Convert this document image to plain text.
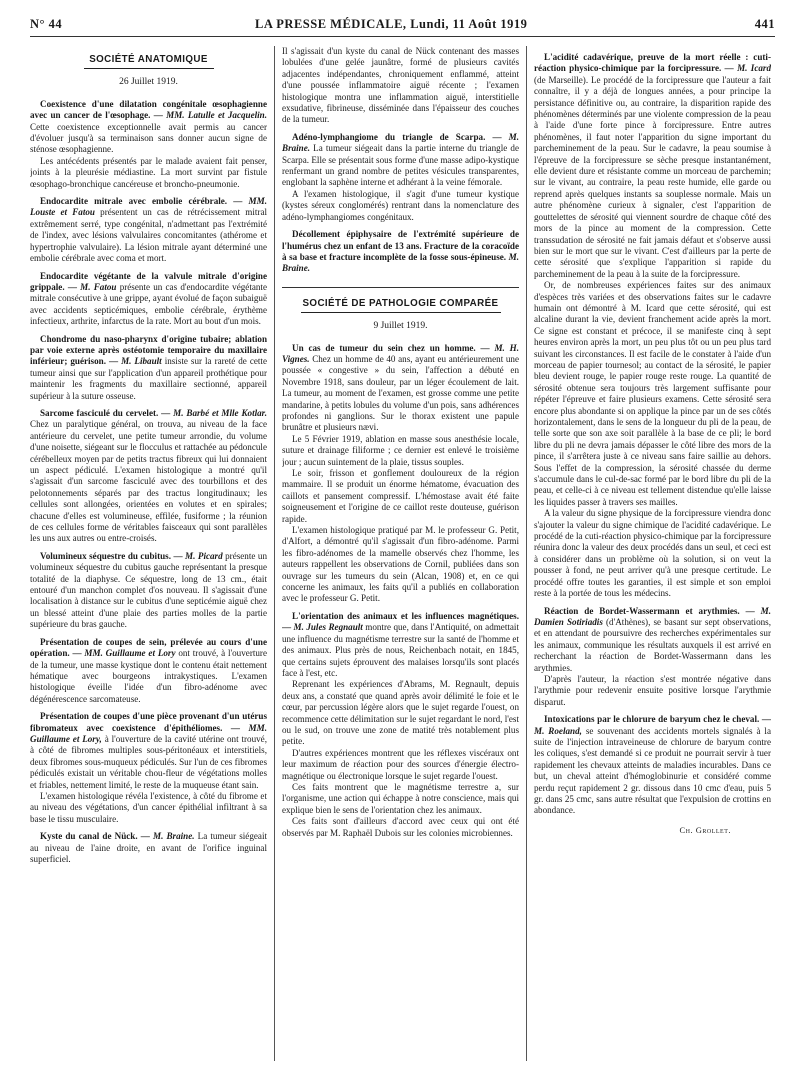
N° 44	LA PRESSE MÉDICALE, Lundi, 11 Août 1919	441
SOCIÉTÉ ANATOMIQUE
26 Juillet 1919.

Coexistence d'une dilatation congénitale œsophagienne avec un cancer de l'œsophage. — MM. Latulle et Jacquelin. Cette coexistence exceptionnelle avait permis au cancer d'évoluer jusqu'à sa terminaison sans donner aucun signe de sténose œsophagienne.

Les antécédents présentés par le malade avaient fait penser, joints à la pleurésie médiastine. La mort survint par fistule œsophago-bronchique cancéreuse et broncho-pneumonie.

Endocardite mitrale avec embolie cérébrale. — MM. Louste et Fatou présentent un cas de rétrécissement mitral extrêmement serré, type congénital, n'admettant pas l'extrémité de l'index, avec lésions valvulaires concomitantes (athérome et hypertrophie valvulaire). La lésion mitrale ayant déterminé une embolie cérébrale avec coma et mort.

Endocardite végétante de la valvule mitrale d'origine grippale. — M. Fatou présente un cas d'endocardite végétante mitrale consécutive à une grippe, ayant évolué de façon subaiguë avec accidents septicémiques, embolie cérébrale, érythème infectieux, arthrite, infarctus de la rate. Mort au bout d'un mois.

Chondrome du naso-pharynx d'origine tubaire; ablation par voie externe après ostéotomie temporaire du maxillaire inférieur; guérison. — M. Libault insiste sur la rareté de cette tumeur ainsi que sur l'application d'un appareil prothétique pour maintenir les fragments du maxillaire sectionné, appareil supérieur à la suture osseuse.

Sarcome fasciculé du cervelet. — M. Barbé et Mlle Kotlar. Chez un paralytique général, on trouva, au niveau de la face antérieure du cervelet, une petite tumeur arrondie, du volume d'une noisette, siégeant sur le flocculus et rattachée au pédoncule cérébelleux moyen par de petits tractus fibreux qui lui donnaient un aspect pédiculé. L'examen histologique a montré qu'il s'agissait d'un sarcome fasciculé avec des tourbillons et des pelotonnements séparés par des tractus longitudinaux; les cellules sont allongées, orientées en volutes et en spirales; chacune d'elles est volumineuse, effilée, fusiforme ; la réunion de ces cellules forme de véritables faisceaux qui sont parallèles les uns aux autres ou entre-croisés.

Volumineux séquestre du cubitus. — M. Picard présente un volumineux séquestre du cubitus gauche représentant la presque totalité de la diaphyse. Ce séquestre, long de 13 cm., était entouré d'un manchon complet d'os nouveau. Il s'agissait d'une localisation à distance sur le cubitus d'une septicémie aiguë chez un blessé atteint d'une plaie des parties molles de la partie supérieure du bras gauche.

Présentation de coupes de sein, prélevée au cours d'une opération. — MM. Guillaume et Lory ont trouvé, à l'ouverture de la tumeur, une masse kystique dont le contenu était nettement hématique avec bourgeons intrakystiques. L'examen histologique éveille l'idée d'un fibro-adénome avec dégénérescence sarcomateuse.

Présentation de coupes d'une pièce provenant d'un utérus fibromateux avec coexistence d'épithéliomes. — MM. Guillaume et Lory, à l'ouverture de la cavité utérine ont trouvé, à côté de fibromes multiples sous-péritonéaux et interstitiels, deux fibromes sous-muqueux pédiculés. Sur l'un de ces fibromes pédiculés existait un véritable chou-fleur de végétations molles et friables, nettement limité, le reste de la muqueuse étant sain.

L'examen histologique révéla l'existence, à côté du fibrome et au niveau des végétations, d'un cancer épithélial infiltrant à sa base le tissu musculaire.

Kyste du canal de Nück. — M. Braine. La tumeur siégeait au niveau de l'aine droite, en avant de l'orifice inguinal superficiel.

Il s'agissait d'un kyste du canal de Nück contenant des masses lobulées d'une gelée jaunâtre, formé de plusieurs cavités adjacentes indépendantes, chroniquement enflammé, atteint d'une poussée inflammatoire aiguë récente ; l'examen histologique montra une inflammation aiguë, interstitielle exsudative, fibrineuse, disséminée dans l'épaisseur des couches de la tumeur.

Adéno-lymphangiome du triangle de Scarpa. — M. Braine. La tumeur siégeait dans la partie interne du triangle de Scarpa. Elle se présentait sous forme d'une masse adipo-kystique renfermant un grand nombre de petites vésicules transparentes, englobant la saphène interne et adhérant à la veine fémorale.

A l'examen histologique, il s'agit d'une tumeur kystique (kystes séreux conglomérés) rentrant dans la nomenclature des adéno-lymphangiomes congénitaux.

Décollement épiphysaire de l'extrémité supérieure de l'humérus chez un enfant de 13 ans. Fracture de la coracoïde à sa base et fracture incomplète de la fosse sous-épineuse. M. Braine.

SOCIÉTÉ DE PATHOLOGIE COMPARÉE
9 Juillet 1919.

Un cas de tumeur du sein chez un homme. — M. H. Vignes. Chez un homme de 40 ans, ayant eu antérieurement une poussée « congestive » du sein, l'affection a débuté en Novembre 1918, sans douleur, par un léger écoulement de lait. La tumeur, au moment de l'examen, est grosse comme une petite mandarine, à petits lobules du volume d'un pois, sans adhérences profondes ni ganglions. Sur le thorax existent une papule brunâtre et plusieurs nævi.

Le 5 Février 1919, ablation en masse sous anesthésie locale, suture et drainage filiforme ; ce dernier est enlevé le troisième jour ; aucun suintement de la plaie, tissus souples.

Le soir, frisson et gonflement douloureux de la région mammaire. Il se produit un énorme hématome, évacuation des caillots et pansement compressif. L'hémostase avait été faite soigneusement et l'origine de ce caillot reste douteuse, guérison rapide.

L'examen histologique pratiqué par M. le professeur G. Petit, d'Alfort, a démontré qu'il s'agissait d'un fibro-adénome. Parmi les fibro-adénomes de la mamelle observés chez l'homme, les auteurs rappellent les observations de Cornil, publiées dans son ouvrage sur les tumeurs du sein (Alcan, 1908) et, en ce qui concerne les animaux, les faits qu'il a publiés en collaboration avec le professeur G. Petit.

L'orientation des animaux et les influences magnétiques. — M. Jules Regnault montre que, dans l'Antiquité, on admettait une influence du magnétisme terrestre sur la santé de l'homme et des animaux. Plus près de nous, Reichenbach notait, en 1845, que certains sujets éprouvent des malaises lorsqu'ils sont placés face à l'est, etc.

Reprenant les expériences d'Abrams, M. Regnault, depuis deux ans, a constaté que quand après avoir délimité le foie et le cœur, par percussion légère alors que le sujet regarde l'ouest, on recommence cette délimitation sur le sujet regardant le nord, l'est ou le sud, on trouve une zone de matité très notablement plus petite.

D'autres expériences montrent que les réflexes viscéraux ont leur maximum de réaction pour des sources d'énergie électro-magnétique ou électronique lorsque le sujet regarde l'ouest.

Ces faits montrent que le magnétisme terrestre a, sur l'organisme, une action qui échappe à notre conscience, mais qui explique bien le sens de l'orientation chez les animaux.

Ces faits sont d'ailleurs d'accord avec ceux qui ont été observés par M. Raphaël Dubois sur les colonies microbiennes.

L'acidité cadavérique, preuve de la mort réelle : cuti-réaction physico-chimique par la forcipressure. — M. Icard (de Marseille). Le procédé de la forcipressure que l'auteur a fait connaître, il y a déjà de longues années, a pour principe la persistance définitive ou, au contraire, la disparition rapide des phénomènes déterminés par une violente compression de la peau à l'aide d'une forte pince à forcipressure. Entre autres phénomènes, il faut noter l'apparition du signe important du parcheminement de la peau. Sur le cadavre, la peau soumise à l'épreuve de la forcipressure se sèche presque instantanément, elle devient dure et résistante comme un morceau de parchemin; sur le vivant, au contraire, la peau reste humide, elle garde ou reprend après quelques instants sa souplesse normale. Mais un autre phénomène curieux à signaler, c'est l'apparition de gouttelettes de sérosité qui viennent sourdre de chaque côté des mors de la pince au moment de la compression. Cette transsudation de sérosité ne fait jamais défaut et s'observe aussi bien sur le mort que sur le vivant. C'est d'ailleurs par la perte de cette sérosité que s'explique l'apparition si rapide du parcheminement de la peau à la suite de la forcipressure.

Or, de nombreuses expériences faites sur des animaux d'espèces très variées et des observations faites sur le cadavre humain ont démontré à M. Icard que cette sérosité, qui est alcaline durant la vie, devient franchement acide après la mort. Ce signe est constant et précoce, il se manifeste cinq à sept heures environ après la mort, un peu plus tôt ou un peu plus tard suivant les circonstances. Il est facile de le constater à l'aide d'un morceau de papier tournesol; au contact de la sérosité, le papier bleu devient rouge, le papier rouge reste rouge. La quantité de sérosité obtenue sera toujours très largement suffisante pour répéter l'épreuve et faire plusieurs examens. Cette sérosité sera encore plus abondante si on applique la pince par un de ses côtés horizontalement, dans le sens de la longueur du pli de la peau, de telle sorte que son axe soit parallèle à la base de ce pli; le bord libre du pli ne devra jamais dépasser le côté libre des mors de la pince, il s'arrêtera juste à ce niveau sans faire saillie au dehors. Sous l'effet de la compression, la sérosité chassée du derme s'accumule dans le cul-de-sac formé par le bord libre du pli de la peau, et celle-ci à ce niveau est tellement distendue qu'elle laisse les liquides passer à travers ses mailles.

A la valeur du signe physique de la forcipressure viendra donc s'ajouter la valeur du signe chimique de l'acidité cadavérique. Le procédé de la cuti-réaction physico-chimique par la forcipressure réunira donc la valeur des deux procédés dans un seul, et ceci est à considérer dans un problème où la solution, si on veut la pousser à fond, ne peut arriver qu'à une presque certitude. Le procédé offre toutes les garanties, il est simple et son emploi reste à la portée de tous les médecins.

Réaction de Bordet-Wassermann et arythmies. — M. Damien Sotiriadis (d'Athènes), se basant sur sept observations, et en attendant de poursuivre des recherches expérimentales sur les animaux, communique les résultats auxquels il est arrivé en recherchant la réaction de Bordet-Wassermann dans les arythmies.

D'après l'auteur, la réaction s'est montrée négative dans l'arythmie pour redevenir ensuite positive lorsque l'arythmie disparut.

Intoxications par le chlorure de baryum chez le cheval. — M. Roeland, se souvenant des accidents mortels signalés à la suite de l'injection intraveineuse de chlorure de baryum contre les coliques, s'est demandé si ce produit ne pourrait servir à tuer rapidement les chevaux atteints de maladies incurables. Dans ce but, un cheval atteint d'hémoglobinurie et considéré comme perdu reçut rapidement 2 gr. dissous dans 10 cmc d'eau, puis 5 gr. dans 25 cmc, sans autre résultat que l'expulsion de crottins en abondance.

Ch. Grollet.
